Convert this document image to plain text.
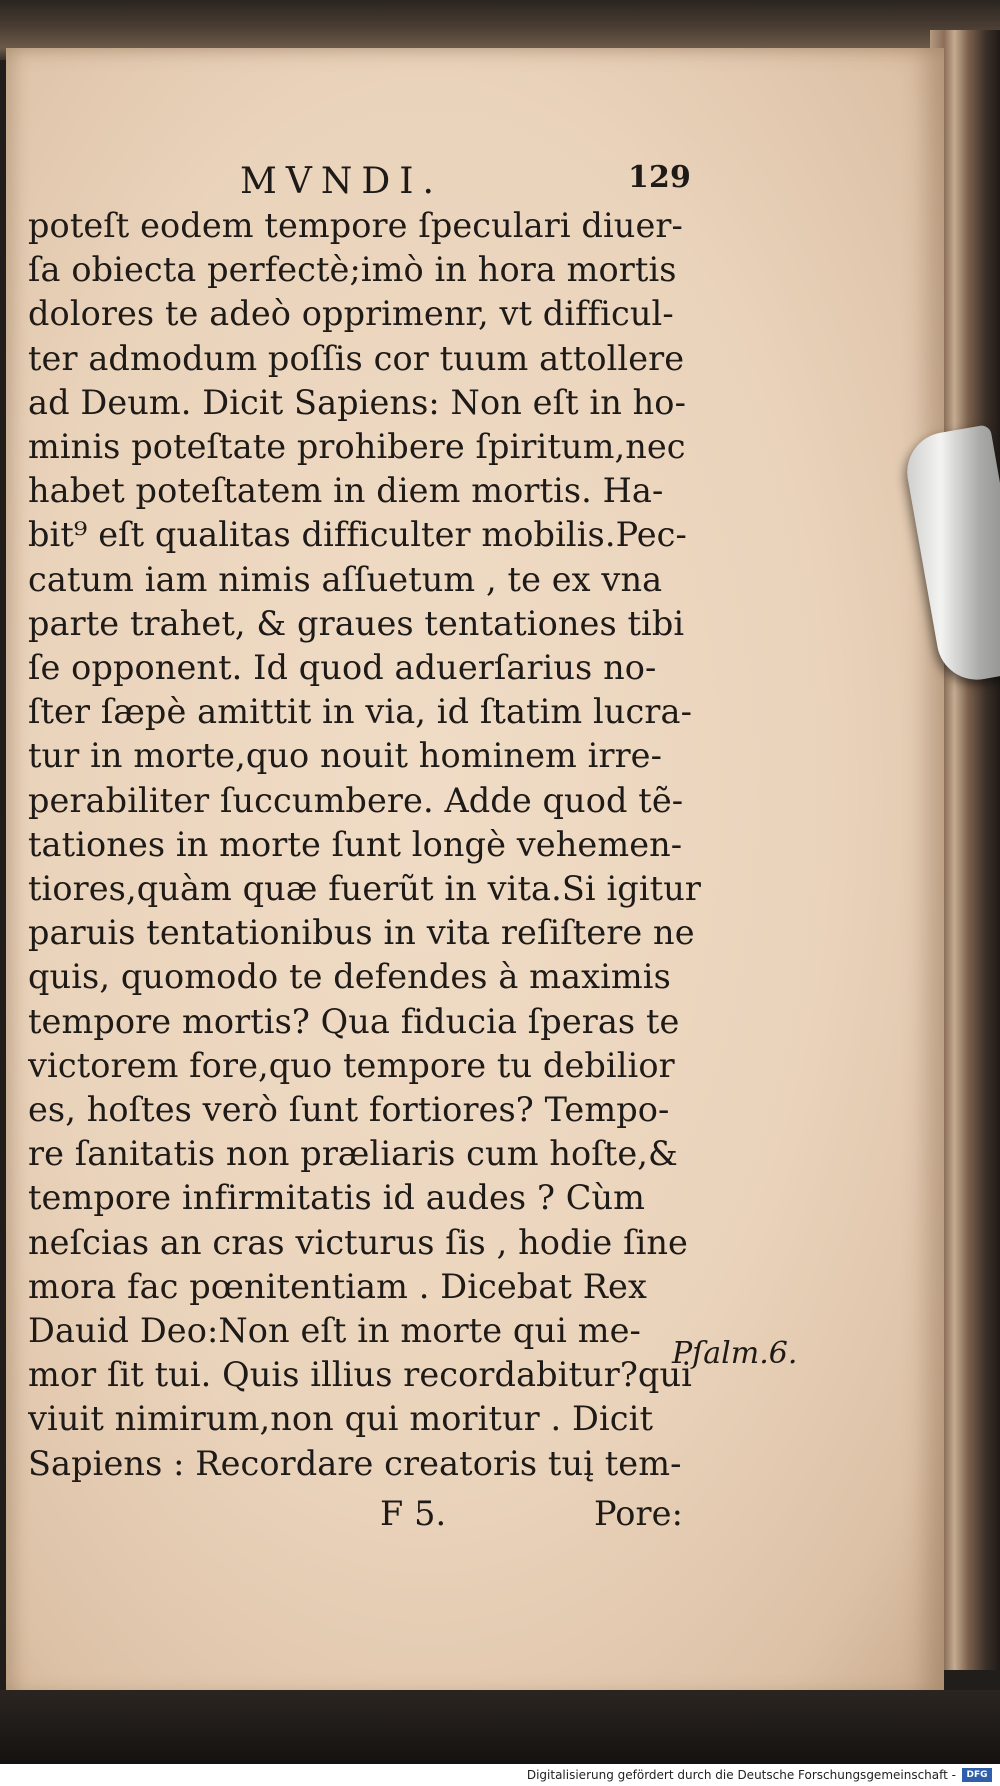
MVNDI.	129
poteſt eodem tempore ſpeculari diuer-
ſa obiecta perfectè;imò in hora mortis
dolores te adeò opprimenr, vt difficul-
ter admodum poſſis cor tuum attollere
ad Deum. Dicit Sapiens: Non eſt in ho-
minis poteſtate prohibere ſpiritum,nec
habet poteſtatem in diem mortis. Ha-
bit⁹ eſt qualitas difficulter mobilis.Pec-
catum iam nimis aſſuetum , te ex vna
parte trahet, & graues tentationes tibi
ſe opponent. Id quod aduerſarius no-
ſter ſæpè amittit in via, id ſtatim lucra-
tur in morte,quo nouit hominem irre-
perabiliter ſuccumbere. Adde quod tẽ-
tationes in morte ſunt longè vehemen-
tiores,quàm quæ fuerũt in vita.Si igitur
paruis tentationibus in vita reſiſtere ne
quis, quomodo te defendes à maximis
tempore mortis? Qua fiducia ſperas te
victorem fore,quo tempore tu debilior
es, hoſtes verò ſunt fortiores? Tempo-
re ſanitatis non præliaris cum hoſte,&
tempore infirmitatis id audes ? Cùm
neſcias an cras victurus ſis , hodie ſine
mora fac pœnitentiam . Dicebat Rex
Dauid Deo:Non eſt in morte qui me-
mor ſit tui. Quis illius recordabitur?qui
viuit nimirum,non qui moritur . Dicit
Sapiens : Recordare creatoris tuį tem-
F 5.	Pore:
Pſalm.6.
Digitalisierung gefördert durch die Deutsche Forschungsgemeinschaft -	DFG
